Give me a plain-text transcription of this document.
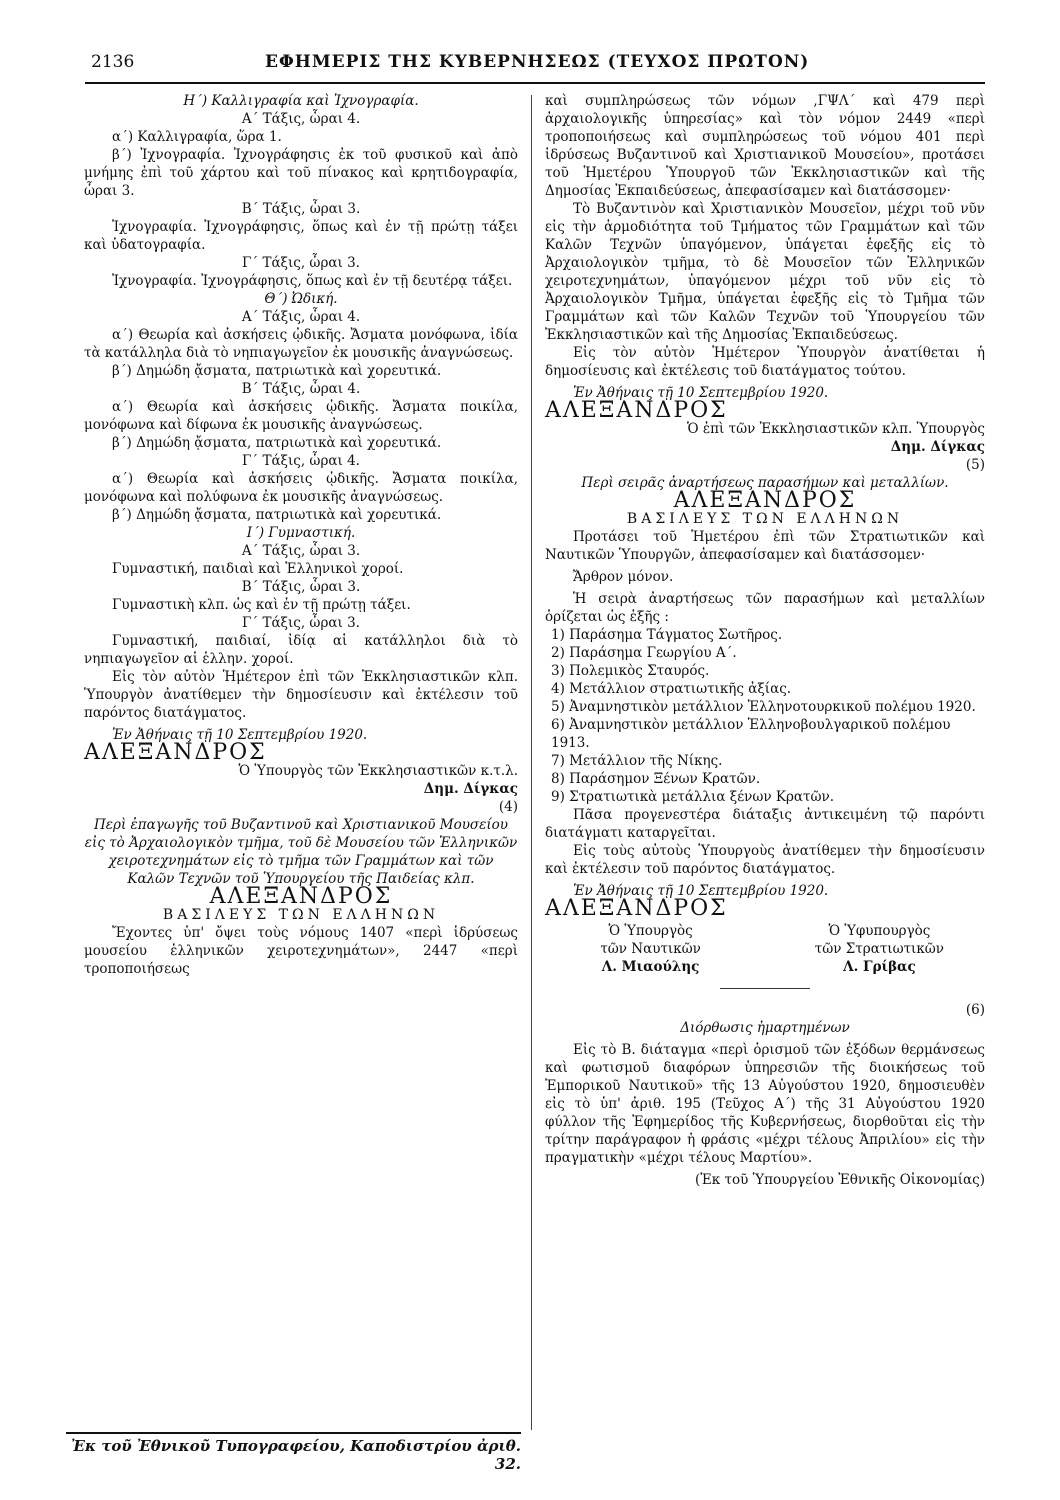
2136	ΕΦΗΜΕΡΙΣ ΤΗΣ ΚΥΒΕΡΝΗΣΕΩΣ (ΤΕΥΧΟΣ ΠΡΩΤΟΝ)

Η΄) Καλλιγραφία καὶ Ἰχνογραφία.

Α΄ Τάξις, ὧραι 4.

α΄) Καλλιγραφία, ὥρα 1.

β΄) Ἰχνογραφία. Ἰχνογράφησις ἐκ τοῦ φυσικοῦ καὶ ἀπὸ μνήμης ἐπὶ τοῦ χάρτου καὶ τοῦ πίνακος καὶ κρητιδογραφία, ὧραι 3.

Β΄ Τάξις, ὧραι 3.

Ἰχνογραφία. Ἰχνογράφησις, ὅπως καὶ ἐν τῇ πρώτῃ τάξει καὶ ὑδατογραφία.

Γ΄ Τάξις, ὧραι 3.

Ἰχνογραφία. Ἰχνογράφησις, ὅπως καὶ ἐν τῇ δευτέρᾳ τάξει.

Θ΄) Ὠδική.

Α΄ Τάξις, ὧραι 4.

α΄) Θεωρία καὶ ἀσκήσεις ᾠδικῆς. Ἄσματα μονόφωνα, ἰδία τὰ κατάλληλα διὰ τὸ νηπιαγωγεῖον ἐκ μουσικῆς ἀναγνώσεως.

β΄) Δημώδη ᾄσματα, πατριωτικὰ καὶ χορευτικά.

Β΄ Τάξις, ὧραι 4.

α΄) Θεωρία καὶ ἀσκήσεις ᾠδικῆς. Ἄσματα ποικίλα, μονόφωνα καὶ δίφωνα ἐκ μουσικῆς ἀναγνώσεως.

β΄) Δημώδη ᾄσματα, πατριωτικὰ καὶ χορευτικά.

Γ΄ Τάξις, ὧραι 4.

α΄) Θεωρία καὶ ἀσκήσεις ᾠδικῆς. Ἄσματα ποικίλα, μονόφωνα καὶ πολύφωνα ἐκ μουσικῆς ἀναγνώσεως.

β΄) Δημώδη ᾄσματα, πατριωτικὰ καὶ χορευτικά.

Ι΄) Γυμναστική.

Α΄ Τάξις, ὧραι 3.

Γυμναστική, παιδιαὶ καὶ Ἑλληνικοὶ χοροί.

Β΄ Τάξις, ὧραι 3.

Γυμναστικὴ κλπ. ὡς καὶ ἐν τῇ πρώτῃ τάξει.

Γ΄ Τάξις, ὧραι 3.

Γυμναστική, παιδιαί, ἰδίᾳ αἱ κατάλληλοι διὰ τὸ νηπιαγωγεῖον αἱ ἑλλην. χοροί.

Εἰς τὸν αὐτὸν Ἡμέτερον ἐπὶ τῶν Ἐκκλησιαστικῶν κλπ. Ὑπουργὸν ἀνατίθεμεν τὴν δημοσίευσιν καὶ ἐκτέλεσιν τοῦ παρόντος διατάγματος.

Ἐν Ἀθήναις τῇ 10 Σεπτεμβρίου 1920.

ΑΛΕΞΑΝΔΡΟΣ

Ὁ Ὑπουργὸς τῶν Ἐκκλησιαστικῶν κ.τ.λ.

Δημ. Δίγκας

(4)

Περὶ ἐπαγωγῆς τοῦ Βυζαντινοῦ καὶ Χριστιανικοῦ Μουσείου εἰς τὸ Ἀρχαιολογικὸν τμῆμα, τοῦ δὲ Μουσείου τῶν Ἑλληνικῶν χειροτεχνημάτων εἰς τὸ τμῆμα τῶν Γραμμάτων καὶ τῶν Καλῶν Τεχνῶν τοῦ Ὑπουργείου τῆς Παιδείας κλπ.

ΑΛΕΞΑΝΔΡΟΣ

ΒΑΣΙΛΕΥΣ ΤΩΝ ΕΛΛΗΝΩΝ

Ἔχοντες ὑπ' ὄψει τοὺς νόμους 1407 «περὶ ἱδρύσεως μουσείου ἑλληνικῶν χειροτεχνημάτων», 2447 «περὶ τροποποιήσεως

καὶ συμπληρώσεως τῶν νόμων ,ΓΨΛ΄ καὶ 479 περὶ ἀρχαιολογικῆς ὑπηρεσίας» καὶ τὸν νόμον 2449 «περὶ τροποποιήσεως καὶ συμπληρώσεως τοῦ νόμου 401 περὶ ἱδρύσεως Βυζαντινοῦ καὶ Χριστιανικοῦ Μουσείου», προτάσει τοῦ Ἡμετέρου Ὑπουργοῦ τῶν Ἐκκλησιαστικῶν καὶ τῆς Δημοσίας Ἐκπαιδεύσεως, ἀπεφασίσαμεν καὶ διατάσσομεν·

Τὸ Βυζαντινὸν καὶ Χριστιανικὸν Μουσεῖον, μέχρι τοῦ νῦν εἰς τὴν ἁρμοδιότητα τοῦ Τμήματος τῶν Γραμμάτων καὶ τῶν Καλῶν Τεχνῶν ὑπαγόμενον, ὑπάγεται ἐφεξῆς εἰς τὸ Ἀρχαιολογικὸν τμῆμα, τὸ δὲ Μουσεῖον τῶν Ἑλληνικῶν χειροτεχνημάτων, ὑπαγόμενον μέχρι τοῦ νῦν εἰς τὸ Ἀρχαιολογικὸν Τμῆμα, ὑπάγεται ἐφεξῆς εἰς τὸ Τμῆμα τῶν Γραμμάτων καὶ τῶν Καλῶν Τεχνῶν τοῦ Ὑπουργείου τῶν Ἐκκλησιαστικῶν καὶ τῆς Δημοσίας Ἐκπαιδεύσεως.

Εἰς τὸν αὐτὸν Ἡμέτερον Ὑπουργὸν ἀνατίθεται ἡ δημοσίευσις καὶ ἐκτέλεσις τοῦ διατάγματος τούτου.

Ἐν Ἀθήναις τῇ 10 Σεπτεμβρίου 1920.

ΑΛΕΞΑΝΔΡΟΣ

Ὁ ἐπὶ τῶν Ἐκκλησιαστικῶν κλπ. Ὑπουργὸς

Δημ. Δίγκας

(5)

Περὶ σειρᾶς ἀναρτήσεως παρασήμων καὶ μεταλλίων.

ΑΛΕΞΑΝΔΡΟΣ

ΒΑΣΙΛΕΥΣ ΤΩΝ ΕΛΛΗΝΩΝ

Προτάσει τοῦ Ἡμετέρου ἐπὶ τῶν Στρατιωτικῶν καὶ Ναυτικῶν Ὑπουργῶν, ἀπεφασίσαμεν καὶ διατάσσομεν·

Ἄρθρον μόνον.

Ἡ σειρὰ ἀναρτήσεως τῶν παρασήμων καὶ μεταλλίων ὁρίζεται ὡς ἑξῆς :

1) Παράσημα Τάγματος Σωτῆρος.

2) Παράσημα Γεωργίου Α΄.

3) Πολεμικὸς Σταυρός.

4) Μετάλλιον στρατιωτικῆς ἀξίας.

5) Ἀναμνηστικὸν μετάλλιον Ἑλληνοτουρκικοῦ πολέμου 1920.

6) Ἀναμνηστικὸν μετάλλιον Ἑλληνοβουλγαρικοῦ πολέμου 1913.

7) Μετάλλιον τῆς Νίκης.

8) Παράσημον Ξένων Κρατῶν.

9) Στρατιωτικὰ μετάλλια ξένων Κρατῶν.

Πᾶσα προγενεστέρα διάταξις ἀντικειμένη τῷ παρόντι διατάγματι καταργεῖται.

Εἰς τοὺς αὐτοὺς Ὑπουργοὺς ἀνατίθεμεν τὴν δημοσίευσιν καὶ ἐκτέλεσιν τοῦ παρόντος διατάγματος.

Ἐν Ἀθήναις τῇ 10 Σεπτεμβρίου 1920.

ΑΛΕΞΑΝΔΡΟΣ

Ὁ Ὑπουργὸς

τῶν Ναυτικῶν

Λ. Μιαούλης

Ὁ Ὑφυπουργὸς

τῶν Στρατιωτικῶν

Λ. Γρίβας

(6)

Διόρθωσις ἡμαρτημένων

Εἰς τὸ Β. διάταγμα «περὶ ὁρισμοῦ τῶν ἐξόδων θερμάνσεως καὶ φωτισμοῦ διαφόρων ὑπηρεσιῶν τῆς διοικήσεως τοῦ Ἐμπορικοῦ Ναυτικοῦ» τῆς 13 Αὐγούστου 1920, δημοσιευθὲν εἰς τὸ ὑπ' ἀριθ. 195 (Τεῦχος Α΄) τῆς 31 Αὐγούστου 1920 φύλλον τῆς Ἐφημερίδος τῆς Κυβερνήσεως, διορθοῦται εἰς τὴν τρίτην παράγραφον ἡ φράσις «μέχρι τέλους Ἀπριλίου» εἰς τὴν πραγματικὴν «μέχρι τέλους Μαρτίου».

(Ἐκ τοῦ Ὑπουργείου Ἐθνικῆς Οἰκονομίας)

Ἐκ τοῦ Ἐθνικοῦ Τυπογραφείου, Καποδιστρίου ἀριθ. 32.
